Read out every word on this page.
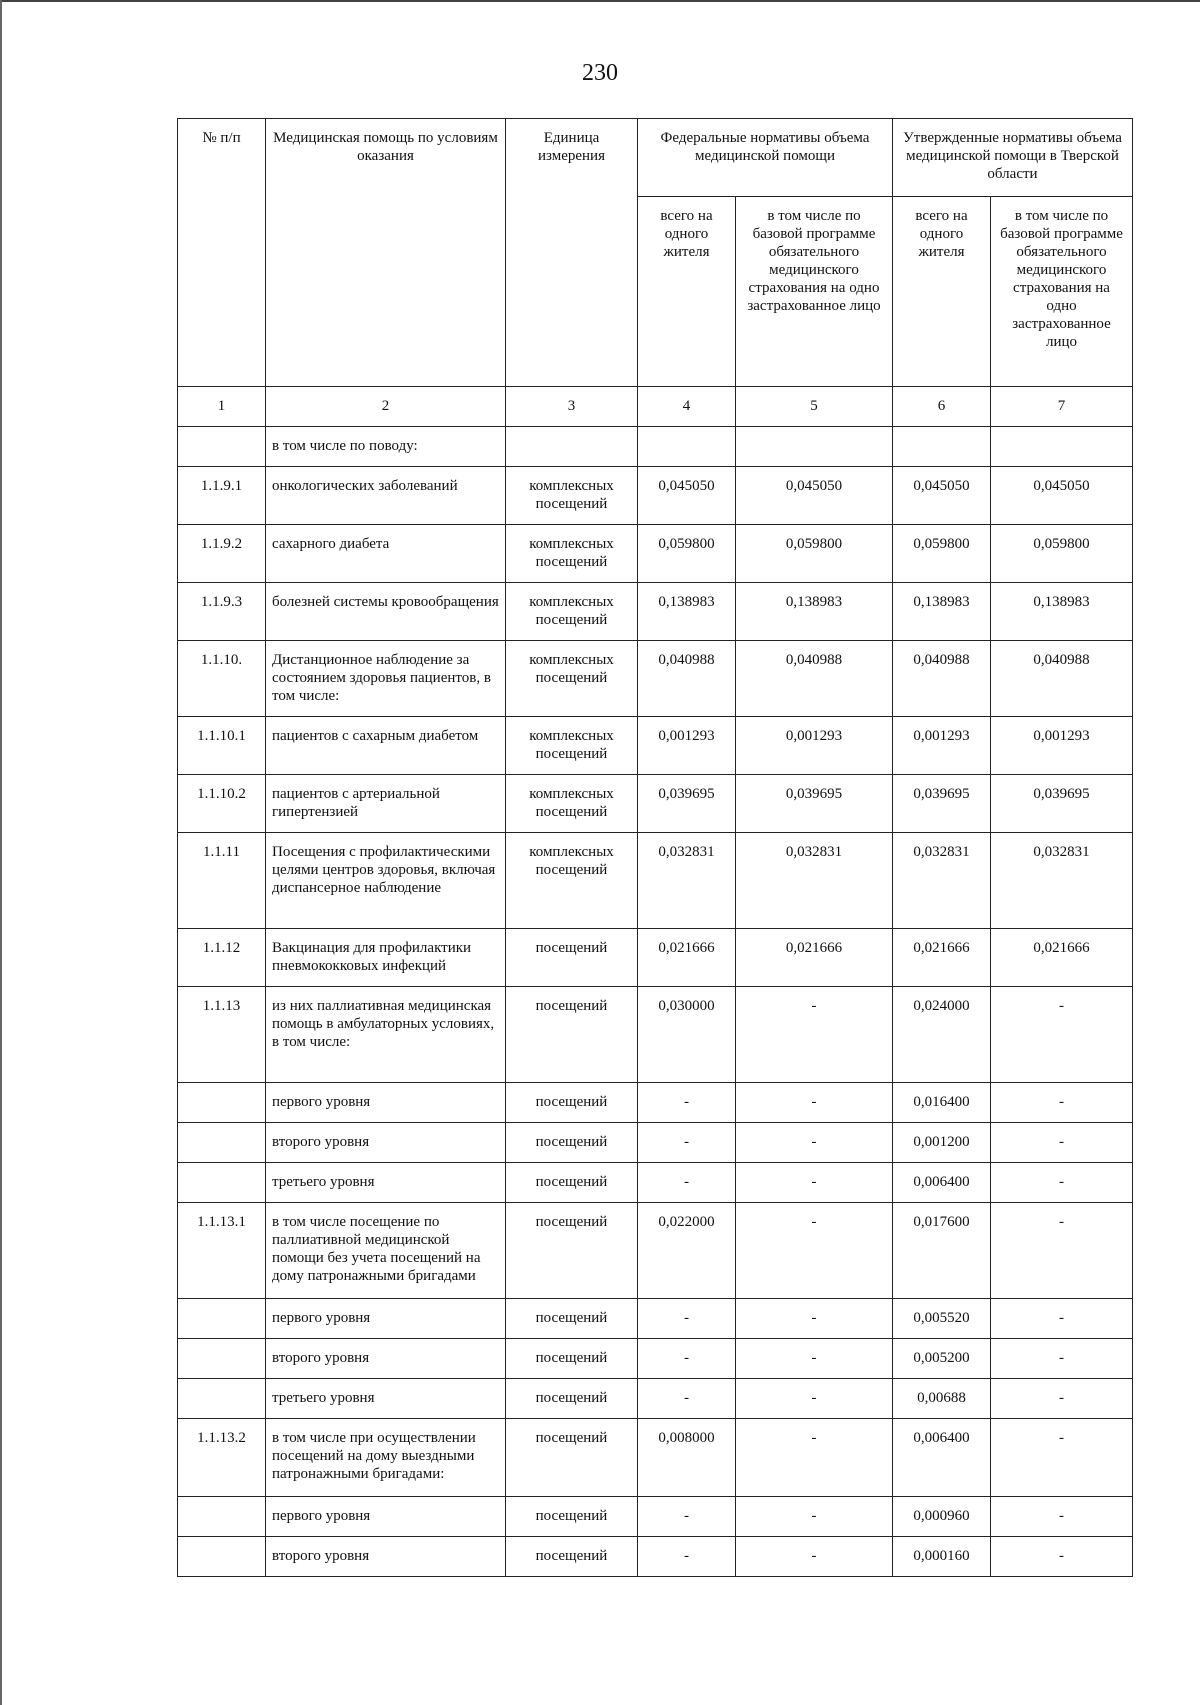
230
№ п/п	Медицинская помощь по условиям оказания	Единица измерения	Федеральные нормативы объема медицинской помощи		Утвержденные нормативы объема медицинской помощи в Тверской области	
			всего на одного жителя	в том числе по базовой программе обязательного медицинского страхования на одно застрахованное лицо	всего на одного жителя	в том числе по базовой программе обязательного медицинского страхования на одно застрахованное лицо
1	2	3	4	5	6	7
	в том числе по поводу:					
1.1.9.1	онкологических заболеваний	комплексных посещений	0,045050	0,045050	0,045050	0,045050
1.1.9.2	сахарного диабета	комплексных посещений	0,059800	0,059800	0,059800	0,059800
1.1.9.3	болезней системы кровообращения	комплексных посещений	0,138983	0,138983	0,138983	0,138983
1.1.10.	Дистанционное наблюдение за состоянием здоровья пациентов, в том числе:	комплексных посещений	0,040988	0,040988	0,040988	0,040988
1.1.10.1	пациентов с сахарным диабетом	комплексных посещений	0,001293	0,001293	0,001293	0,001293
1.1.10.2	пациентов с артериальной гипертензией	комплексных посещений	0,039695	0,039695	0,039695	0,039695
1.1.11	Посещения с профилактическими целями центров здоровья, включая диспансерное наблюдение	комплексных посещений	0,032831	0,032831	0,032831	0,032831
1.1.12	Вакцинация для профилактики пневмококковых инфекций	посещений	0,021666	0,021666	0,021666	0,021666
1.1.13	из них паллиативная медицинская помощь в амбулаторных условиях, в том числе:	посещений	0,030000	-	0,024000	-
	первого уровня	посещений	-	-	0,016400	-
	второго уровня	посещений	-	-	0,001200	-
	третьего уровня	посещений	-	-	0,006400	-
1.1.13.1	в том числе посещение по паллиативной медицинской помощи без учета посещений на дому патронажными бригадами	посещений	0,022000	-	0,017600	-
	первого уровня	посещений	-	-	0,005520	-
	второго уровня	посещений	-	-	0,005200	-
	третьего уровня	посещений	-	-	0,00688	-
1.1.13.2	в том числе при осуществлении посещений на дому выездными патронажными бригадами:	посещений	0,008000	-	0,006400	-
	первого уровня	посещений	-	-	0,000960	-
	второго уровня	посещений	-	-	0,000160	-
